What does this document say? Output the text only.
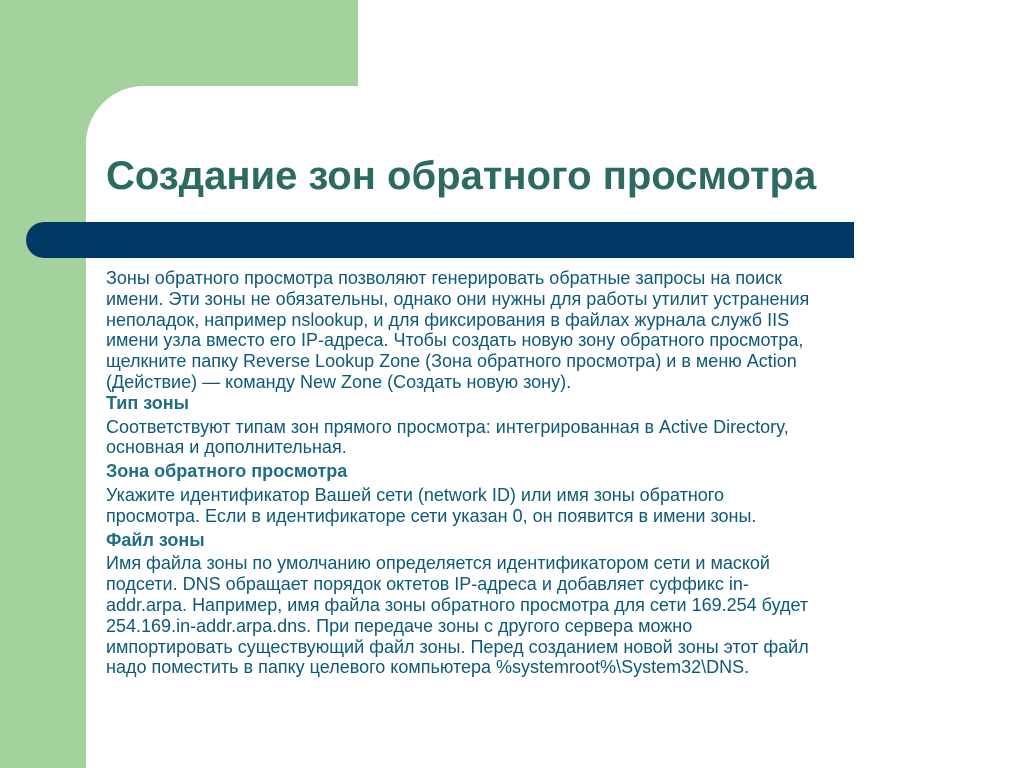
Создание зон обратного просмотра

Зоны обратного просмотра позволяют генерировать обратные запросы на поиск

имени. Эти зоны не обязательны, однако они нужны для работы утилит устранения

неполадок, например nslookup, и для фиксирования в файлах журнала служб IIS

имени узла вместо его IP-адреса. Чтобы создать новую зону обратного просмотра,

щелкните папку Reverse Lookup Zone (Зона обратного просмотра) и в меню Action

(Действие) — команду New Zone (Создать новую зону).

Тип зоны

Соответствуют типам зон прямого просмотра: интегрированная в Active Directory,

основная и дополнительная.

Зона обратного просмотра

Укажите идентификатор Вашей сети (network ID) или имя зоны обратного

просмотра. Если в идентификаторе сети указан 0, он появится в имени зоны.

Файл зоны

Имя файла зоны по умолчанию определяется идентификатором сети и маской

подсети. DNS обращает порядок октетов IP-адреса и добавляет суффикс in-

addr.arpa. Например, имя файла зоны обратного просмотра для сети 169.254 будет

254.169.in-addr.arpa.dns. При передаче зоны с другого сервера можно

импортировать существующий файл зоны. Перед созданием новой зоны этот файл

надо поместить в папку целевого компьютера %systemroot%\System32\DNS.
